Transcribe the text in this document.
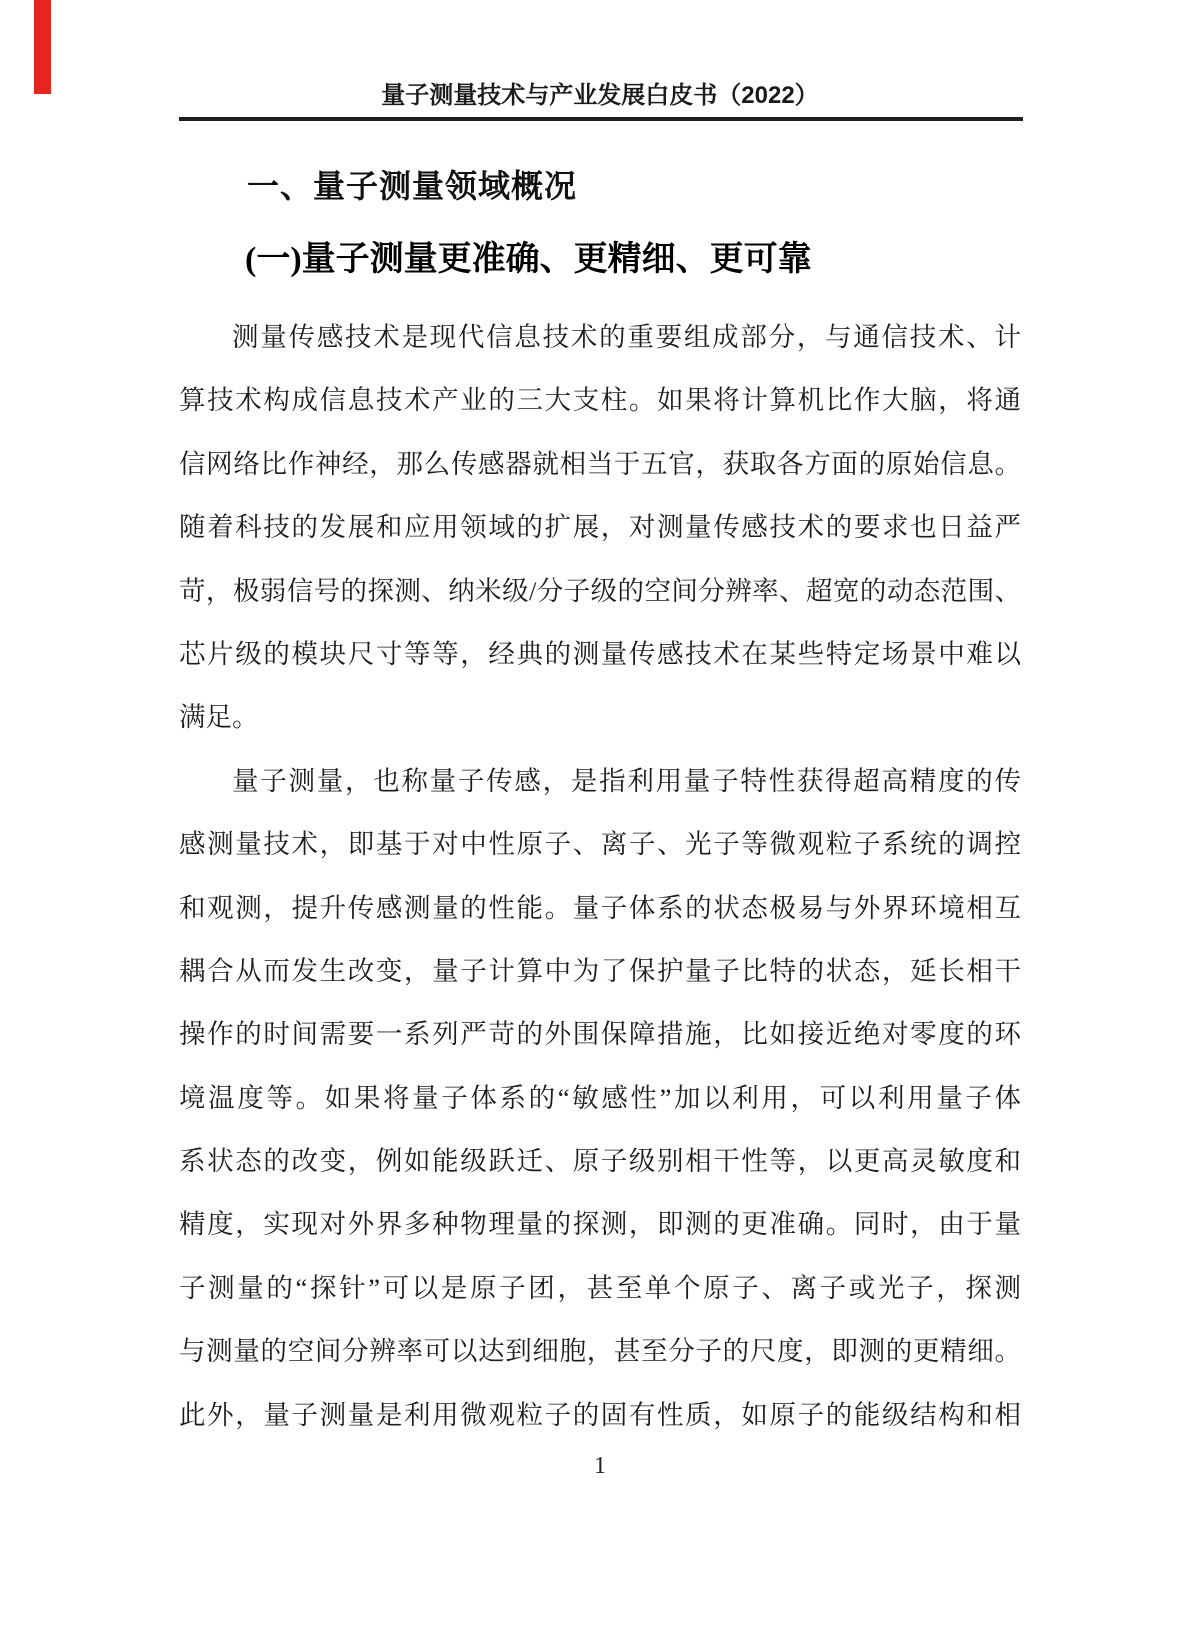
量子测量技术与产业发展白皮书（2022）
一、量子测量领域概况
(一)量子测量更准确、更精细、更可靠
测量传感技术是现代信息技术的重要组成部分，与通信技术、计
算技术构成信息技术产业的三大支柱。如果将计算机比作大脑，将通
信网络比作神经，那么传感器就相当于五官，获取各方面的原始信息。
随着科技的发展和应用领域的扩展，对测量传感技术的要求也日益严
苛，极弱信号的探测、纳米级/分子级的空间分辨率、超宽的动态范围、
芯片级的模块尺寸等等，经典的测量传感技术在某些特定场景中难以
满足。
量子测量，也称量子传感，是指利用量子特性获得超高精度的传
感测量技术，即基于对中性原子、离子、光子等微观粒子系统的调控
和观测，提升传感测量的性能。量子体系的状态极易与外界环境相互
耦合从而发生改变，量子计算中为了保护量子比特的状态，延长相干
操作的时间需要一系列严苛的外围保障措施，比如接近绝对零度的环
境温度等。如果将量子体系的“敏感性”加以利用，可以利用量子体
系状态的改变，例如能级跃迁、原子级别相干性等，以更高灵敏度和
精度，实现对外界多种物理量的探测，即测的更准确。同时，由于量
子测量的“探针”可以是原子团，甚至单个原子、离子或光子，探测
与测量的空间分辨率可以达到细胞，甚至分子的尺度，即测的更精细。
此外，量子测量是利用微观粒子的固有性质，如原子的能级结构和相
1
